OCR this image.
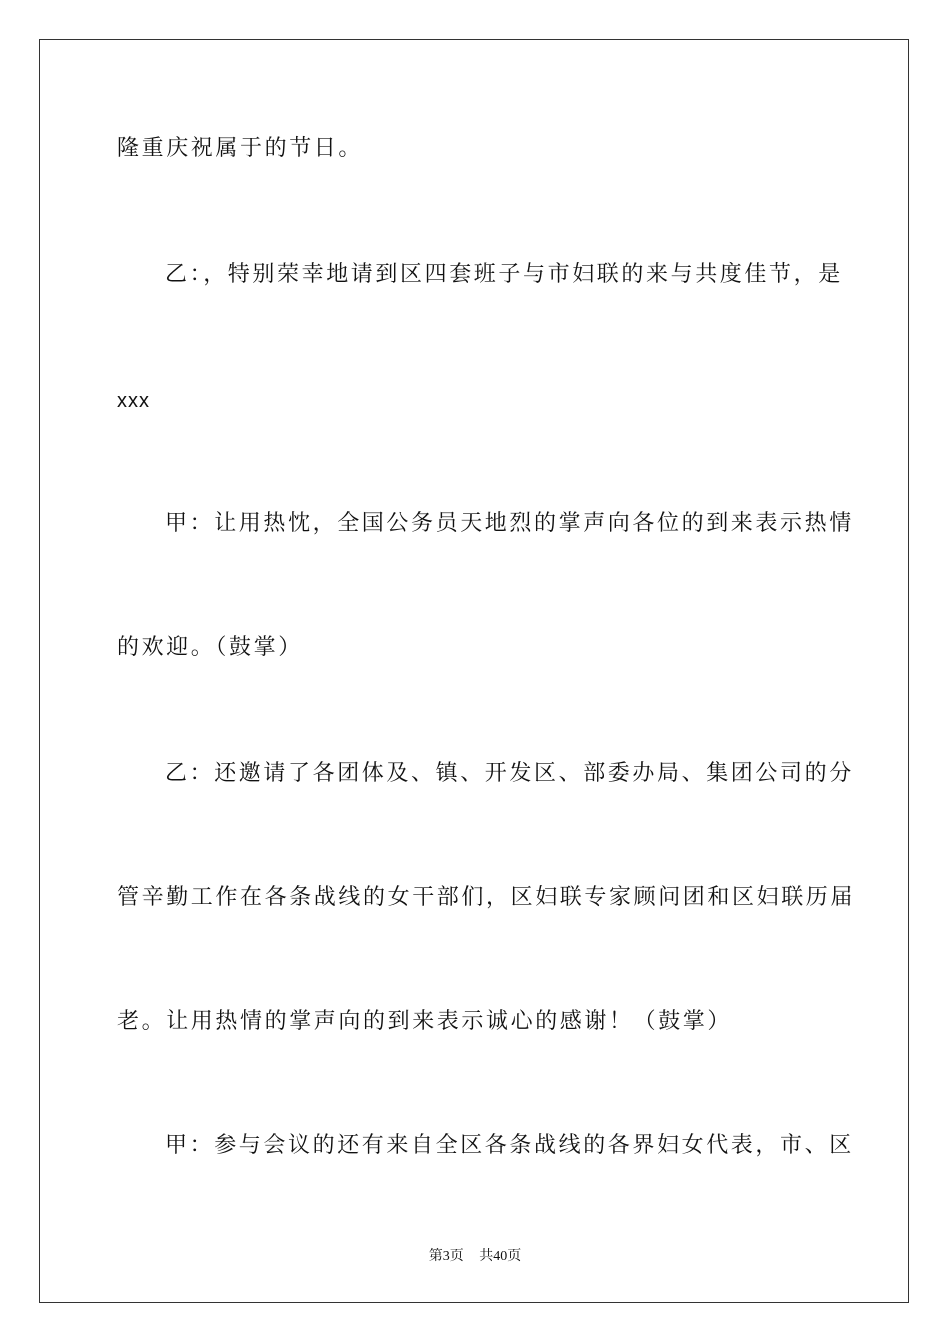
隆重庆祝属于的节日。
乙：，特别荣幸地请到区四套班子与市妇联的来与共度佳节，是
xxx
甲：让用热忱，全国公务员天地烈的掌声向各位的到来表示热情
的欢迎。（鼓掌）
乙：还邀请了各团体及、镇、开发区、部委办局、集团公司的分
管辛勤工作在各条战线的女干部们，区妇联专家顾问团和区妇联历届
老。让用热情的掌声向的到来表示诚心的感谢！（鼓掌）
甲：参与会议的还有来自全区各条战线的各界妇女代表，市、区
第3页 共40页
